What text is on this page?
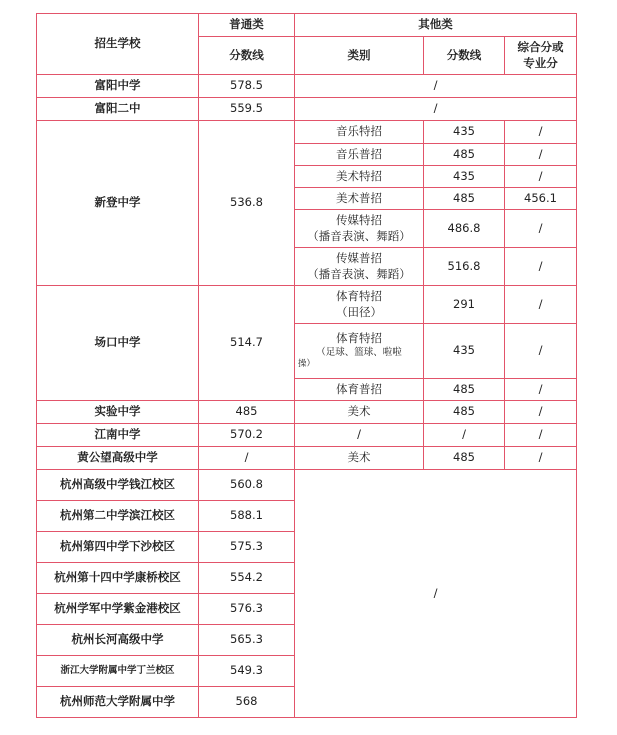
招生学校	普通类	其他类		
	分数线	类别	分数线	综合分或
专业分

富阳中学	578.5	/		
富阳二中	559.5	/		
新登中学	536.8	音乐特招	435	/
		音乐普招	485	/
		美术特招	435	/
		美术普招	485	456.1

		传媒特招
（播音表演、舞蹈）	486.8	/

		传媒普招
（播音表演、舞蹈）	516.8	/
场口中学	514.7	体育特招
（田径）	291	/

		体育特招
（足球、篮球、啦啦
操）	435	/
		体育普招	485	/
实验中学	485	美术	485	/
江南中学	570.2	/	/	/
黄公望高级中学	/	美术	485	/
杭州高级中学钱江校区	560.8	/		
杭州第二中学滨江校区	588.1			
杭州第四中学下沙校区	575.3			
杭州第十四中学康桥校区	554.2			
杭州学军中学紫金港校区	576.3			
杭州长河高级中学	565.3			
浙江大学附属中学丁兰校区	549.3			
杭州师范大学附属中学	568			
